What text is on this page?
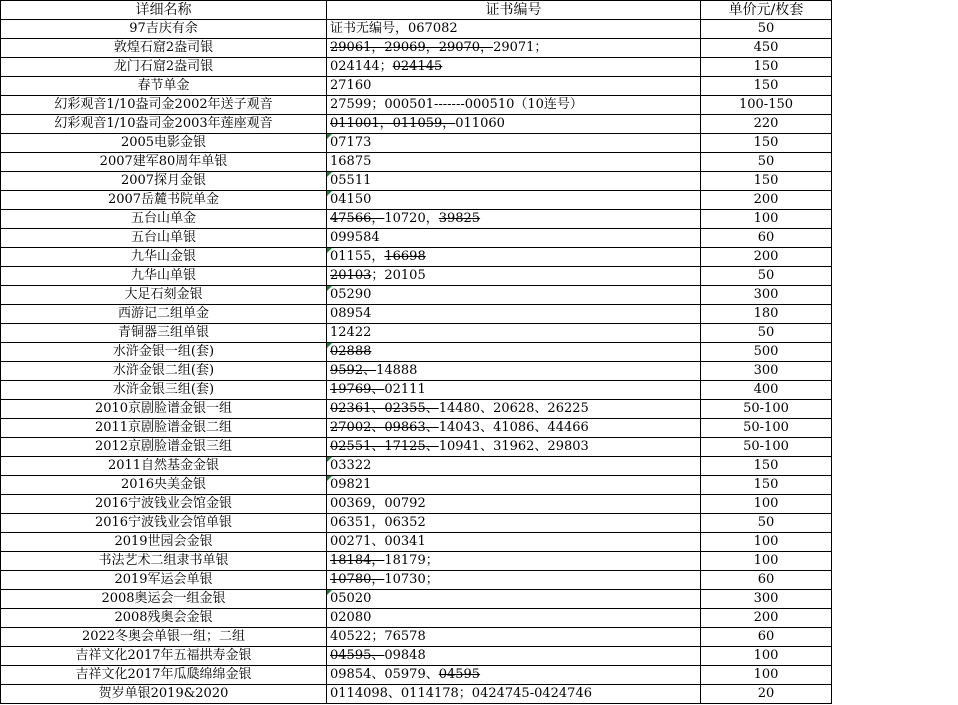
详细名称	证书编号	单价元/枚套
97吉庆有余	证书无编号，067082	50
敦煌石窟2盎司银	29061，29069，29070，29071；	450
龙门石窟2盎司银	024144；024145	150
春节单金	27160	150
幻彩观音1/10盎司金2002年送子观音	27599；000501-------000510（10连号）	100-150
幻彩观音1/10盎司金2003年莲座观音	011001，011059，011060	220
2005电影金银	07173	150
2007建军80周年单银	16875	50
2007探月金银	05511	150
2007岳麓书院单金	04150	200
五台山单金	47566，10720，39825	100
五台山单银	099584	60
九华山金银	01155，16698	200
九华山单银	20103；20105	50
大足石刻金银	05290	300
西游记二组单金	08954	180
青铜器三组单银	12422	50
水浒金银一组(套)	02888	500
水浒金银二组(套)	9592、14888	300
水浒金银三组(套)	19769、02111	400
2010京剧脸谱金银一组	02361、02355、14480、20628、26225	50-100
2011京剧脸谱金银二组	27002、09863、14043、41086、44466	50-100
2012京剧脸谱金银三组	02551、17125、10941、31962、29803	50-100
2011自然基金金银	03322	150
2016央美金银	09821	150
2016宁波钱业会馆金银	00369，00792	100
2016宁波钱业会馆单银	06351，06352	50
2019世园会金银	00271、00341	100
书法艺术二组隶书单银	18184，18179；	100
2019军运会单银	10780，10730；	60
2008奥运会一组金银	05020	300
2008残奥会金银	02080	200
2022冬奥会单银一组；二组	40522；76578	60
吉祥文化2017年五福拱寿金银	04595、09848	100
吉祥文化2017年瓜瓞绵绵金银	09854、05979、04595	100
贺岁单银2019&2020	0114098、0114178；0424745-0424746	20
